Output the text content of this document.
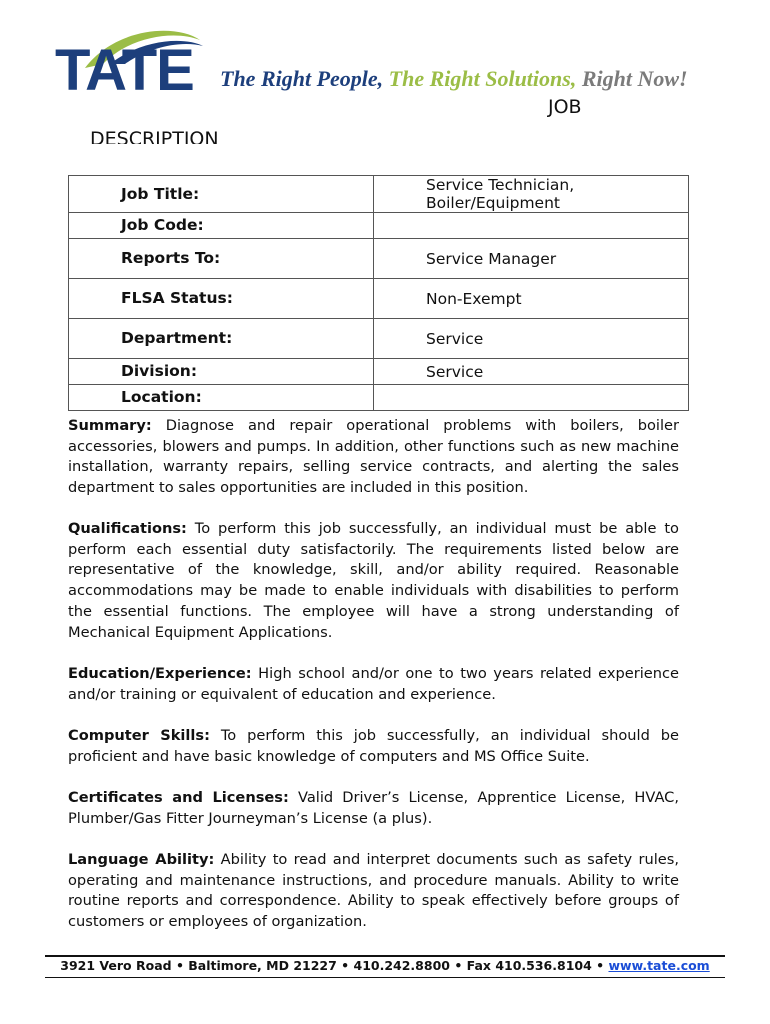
TATE The Right People, The Right Solutions, Right Now!
JOB
DESCRIPTION
Job Title:	Service Technician, Boiler/Equipment
Job Code:	
Reports To:	Service Manager
FLSA Status:	Non-Exempt
Department:	Service
Division:	Service
Location:	
Summary: Diagnose and repair operational problems with boilers, boiler accessories, blowers and pumps. In addition, other functions such as new machine installation, warranty repairs, selling service contracts, and alerting the sales department to sales opportunities are included in this position.
Qualifications: To perform this job successfully, an individual must be able to perform each essential duty satisfactorily. The requirements listed below are representative of the knowledge, skill, and/or ability required. Reasonable accommodations may be made to enable individuals with disabilities to perform the essential functions. The employee will have a strong understanding of Mechanical Equipment Applications.
Education/Experience: High school and/or one to two years related experience and/or training or equivalent of education and experience.
Computer Skills: To perform this job successfully, an individual should be proficient and have basic knowledge of computers and MS Office Suite.
Certificates and Licenses: Valid Driver’s License, Apprentice License, HVAC, Plumber/Gas Fitter Journeyman’s License (a plus).
Language Ability: Ability to read and interpret documents such as safety rules, operating and maintenance instructions, and procedure manuals. Ability to write routine reports and correspondence. Ability to speak effectively before groups of customers or employees of organization.
3921 Vero Road • Baltimore, MD 21227 • 410.242.8800 • Fax 410.536.8104 • www.tate.com
